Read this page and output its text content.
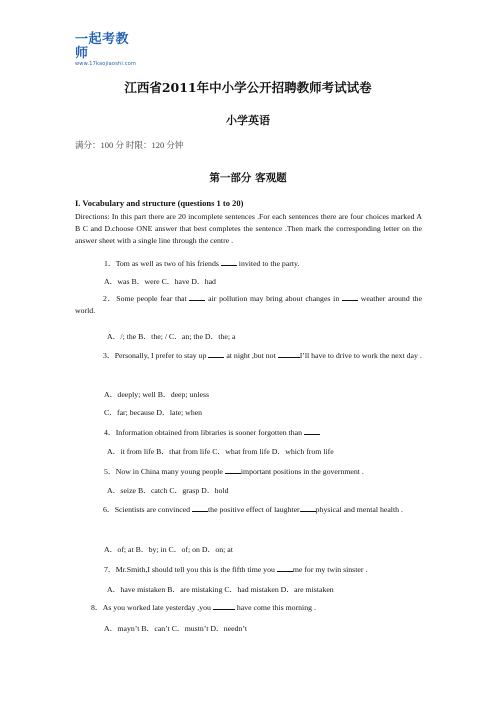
一起考教师
www.17kaojiaoshi.com
江西省2011年中小学公开招聘教师考试试卷
小学英语
满分：100 分 时限：120 分钟
第一部分 客观题
I. Vocabulary and structure (questions 1 to 20)
Directions: In this part there are 20 incomplete sentences .For each sentences there are four choices marked A B C and D.choose ONE answer that best completes the sentence .Then mark the corresponding letter on the answer sheet with a single line through the centre .
1．Tom as well as two of his friends	invited to the party.
A．was B．were C．have D．had
2．Some people fear that	air pollution may bring about changes in	weather around the world.
A．/; the B．the; / C．an; the D．the; a
3．Personally, I prefer to stay up	at night ,but not	I’ll have to drive to work the next day .
A．deeply; well B．deep; unless
C．far; because D．late; when
4．Information obtained from libraries is sooner forgotten than
A．it from life B．that from life C．what from life D．which from life
5．Now in China many young people important positions in the government .
A．seize B．catch C．grasp D．hold
6．Scientists are convinced the positive effect of laughter physical and mental health .
A．of; at B．by; in C．of; on D．on; at
7．Mr.Smith,I should tell you this is the fifth time you me for my twin sinster .
A．have mistaken B．are mistaking C．had mistaken D．are mistaken
8．As you worked late yesterday ,you	have come this morning .
A．mayn’t B．can’t C．mustn’t D．needn’t
